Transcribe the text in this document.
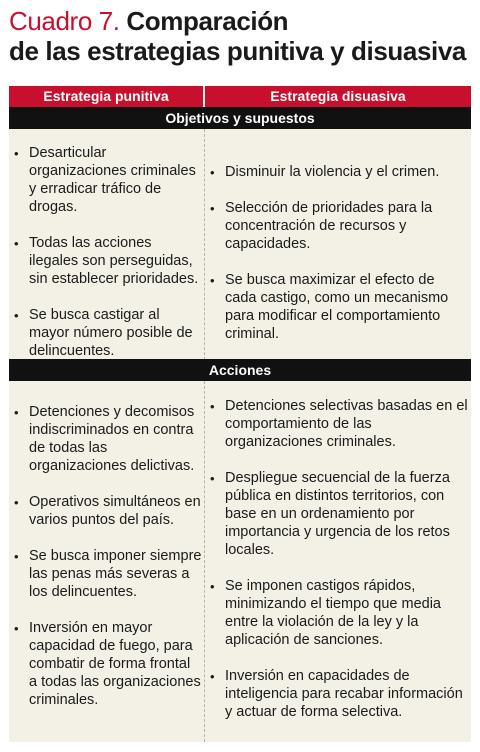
Cuadro 7. Comparación
de las estrategias punitiva y disuasiva
Estrategia punitiva	Estrategia disuasiva
Objetivos y supuestos
• Desarticular organizaciones criminales y erradicar tráfico de drogas.
• Todas las acciones ilegales son perseguidas, sin establecer prioridades.
• Se busca castigar al mayor número posible de delincuentes.
• Disminuir la violencia y el crimen.
• Selección de prioridades para la concentración de recursos y capacidades.
• Se busca maximizar el efecto de cada castigo, como un mecanismo para modificar el comportamiento criminal.
Acciones
• Detenciones y decomisos indiscriminados en contra de todas las organizaciones delictivas.
• Operativos simultáneos en varios puntos del país.
• Se busca imponer siempre las penas más severas a los delincuentes.
• Inversión en mayor capacidad de fuego, para combatir de forma frontal a todas las organizaciones criminales.
• Detenciones selectivas basadas en el comportamiento de las organizaciones criminales.
• Despliegue secuencial de la fuerza pública en distintos territorios, con base en un ordenamiento por importancia y urgencia de los retos locales.
• Se imponen castigos rápidos, minimizando el tiempo que media entre la violación de la ley y la aplicación de sanciones.
• Inversión en capacidades de inteligencia para recabar información y actuar de forma selectiva.
